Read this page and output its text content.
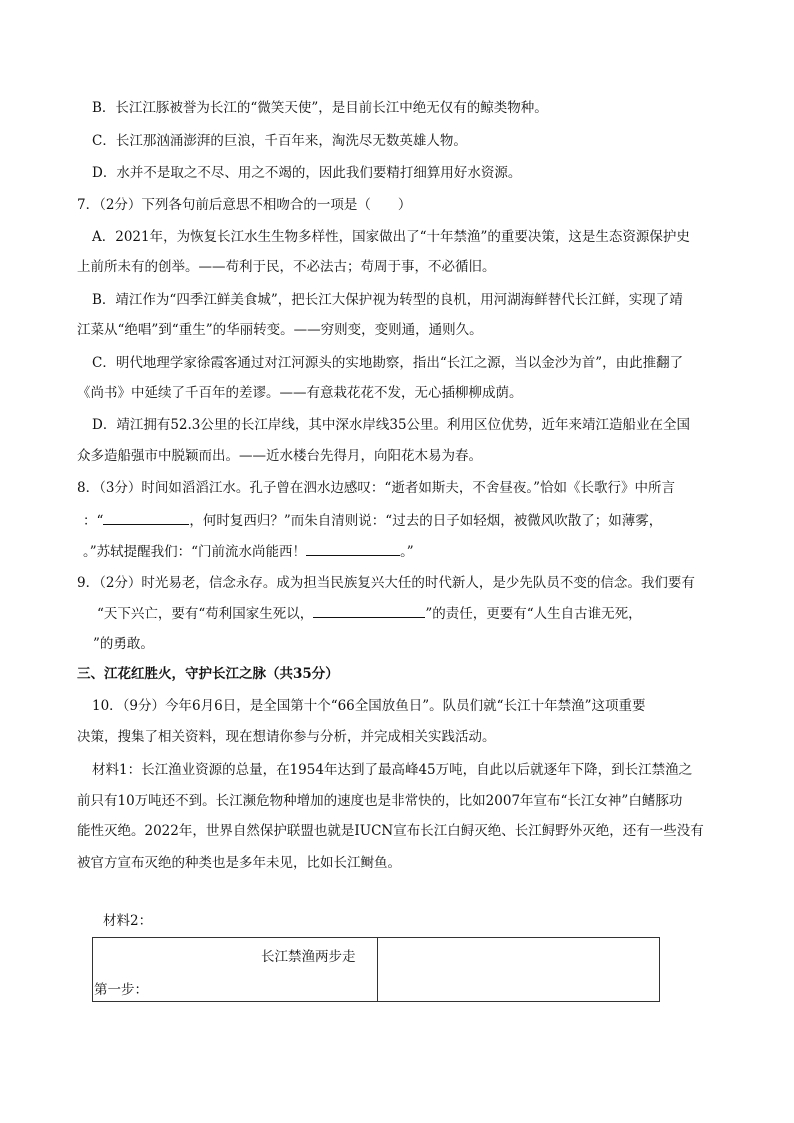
B．长江江豚被誉为长江的“微笑天使”，是目前长江中绝无仅有的鲸类物种。
C．长江那汹涌澎湃的巨浪，千百年来，淘洗尽无数英雄人物。
D．水并不是取之不尽、用之不竭的，因此我们要精打细算用好水资源。
7．（2分）下列各句前后意思不相吻合的一项是（　　）
A．2021年，为恢复长江水生生物多样性，国家做出了“十年禁渔”的重要决策，这是生态资源保护史
上前所未有的创举。——苟利于民，不必法古；苟周于事，不必循旧。
B．靖江作为“四季江鲜美食城”，把长江大保护视为转型的良机，用河湖海鲜替代长江鲜，实现了靖
江菜从“绝唱”到“重生”的华丽转变。——穷则变，变则通，通则久。
C．明代地理学家徐霞客通过对江河源头的实地勘察，指出“长江之源，当以金沙为首”，由此推翻了
《尚书》中延续了千百年的差谬。——有意栽花花不发，无心插柳柳成荫。
D．靖江拥有52.3公里的长江岸线，其中深水岸线35公里。利用区位优势，近年来靖江造船业在全国
众多造船强市中脱颖而出。——近水楼台先得月，向阳花木易为春。
8．（3分）时间如滔滔江水。孔子曾在泗水边感叹：“逝者如斯夫，不舍昼夜。”恰如《长歌行》中所言
：“	，何时复西归？”而朱自清则说：“过去的日子如轻烟，被微风吹散了；如薄雾，
。”苏轼提醒我们：“门前流水尚能西！	。”
9．（2分）时光易老，信念永存。成为担当民族复兴大任的时代新人，是少先队员不变的信念。我们要有
“天下兴亡，要有“苟利国家生死以，	”的责任，更要有“人生自古谁无死，
”的勇敢。
三、江花红胜火，守护长江之脉（共35分）
10．（9分）今年6月6日，是全国第十个“66全国放鱼日”。队员们就“长江十年禁渔”这项重要
决策，搜集了相关资料，现在想请你参与分析，并完成相关实践活动。
材料1：长江渔业资源的总量，在1954年达到了最高峰45万吨，自此以后就逐年下降，到长江禁渔之
前只有10万吨还不到。长江濒危物种增加的速度也是非常快的，比如2007年宣布“长江女神”白鳍豚功
能性灭绝。2022年，世界自然保护联盟也就是IUCN宣布长江白鲟灭绝、长江鲟野外灭绝，还有一些没有
被官方宣布灭绝的种类也是多年未见，比如长江鲥鱼。
材料2：
长江禁渔两步走
第一步：
